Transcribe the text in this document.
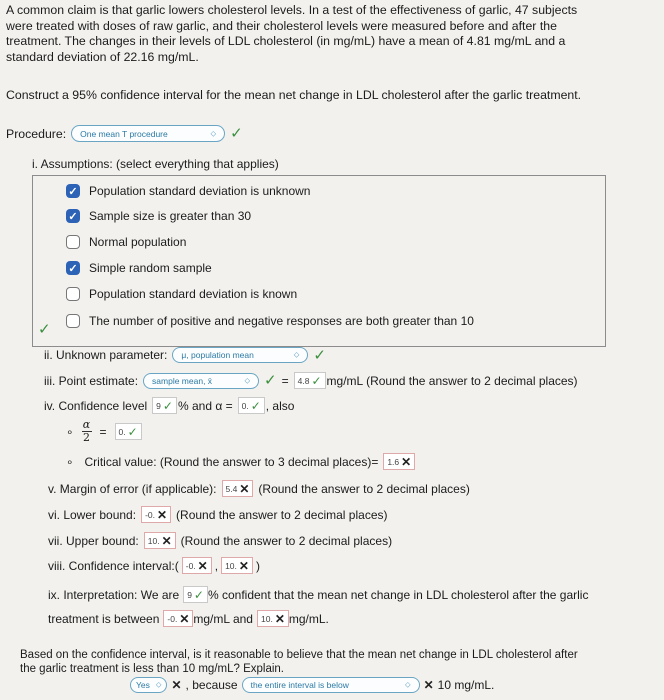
A common claim is that garlic lowers cholesterol levels. In a test of the effectiveness of garlic, 47 subjects
were treated with doses of raw garlic, and their cholesterol levels were measured before and after the
treatment. The changes in their levels of LDL cholesterol (in mg/mL) have a mean of 4.81 mg/mL and a
standard deviation of 22.16 mg/mL.
Construct a 95% confidence interval for the mean net change in LDL cholesterol after the garlic treatment.
Procedure: One mean T procedure	⬦ ✓
i. Assumptions: (select everything that applies)
✓ Population standard deviation is unknown
✓ Sample size is greater than 30
Normal population
✓ Simple random sample
Population standard deviation is known
The number of positive and negative responses are both greater than 10
✓
ii. Unknown parameter: μ, population mean	⬦ ✓
iii. Point estimate: sample mean, x̄	⬦ ✓ = 4.8 ✓ mg/mL (Round the answer to 2 decimal places)
iv. Confidence level 9 ✓ % and α = 0. ✓ , also
∘ $\frac{\alpha}{2} = 0$. ✓
∘ Critical value: (Round the answer to 3 decimal places)= 1.6 ✕
v. Margin of error (if applicable): 5.4 ✕ (Round the answer to 2 decimal places)
vi. Lower bound: -0. ✕ (Round the answer to 2 decimal places)
vii. Upper bound: 10. ✕ (Round the answer to 2 decimal places)
viii. Confidence interval:( -0. ✕ , 10. ✕ )
ix. Interpretation: We are 9 ✓ % confident that the mean net change in LDL cholesterol after the garlic
treatment is between -0. ✕ mg/mL and 10. ✕ mg/mL.
Based on the confidence interval, is it reasonable to believe that the mean net change in LDL cholesterol after
the garlic treatment is less than 10 mg/mL? Explain.
Yes ⬦ ✕ , because the entire interval is below	⬦ ✕ 10 mg/mL.
